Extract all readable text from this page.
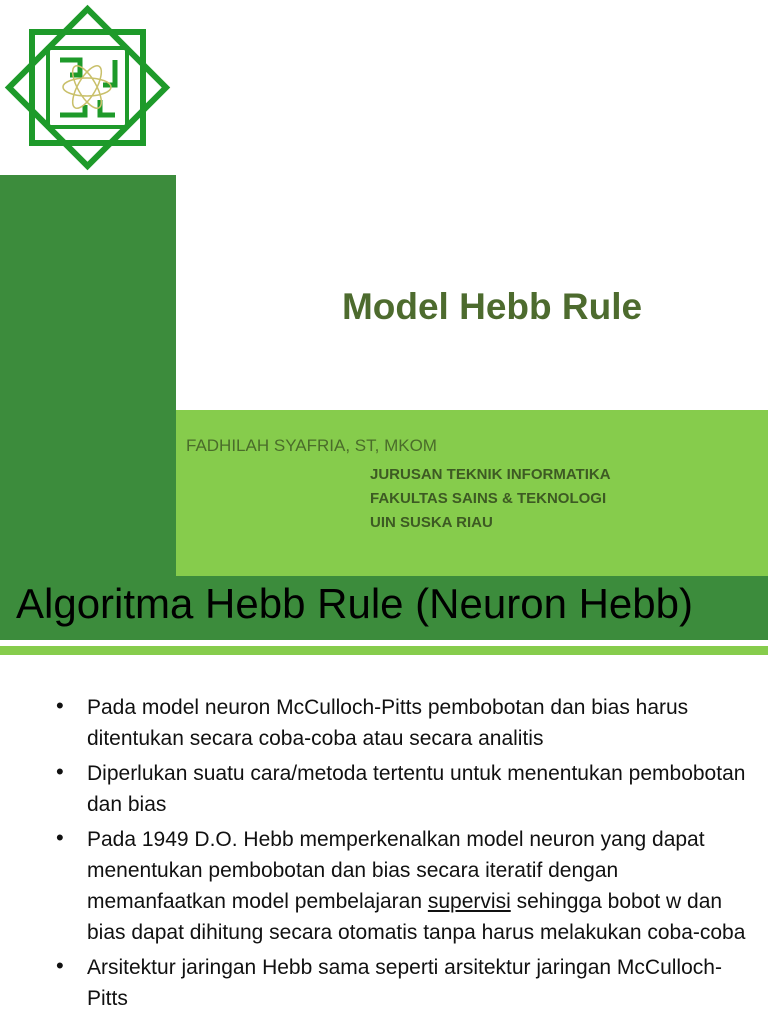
Model Hebb Rule
FADHILAH SYAFRIA, ST, MKOM
JURUSAN TEKNIK INFORMATIKA
FAKULTAS SAINS & TEKNOLOGI
UIN SUSKA RIAU
Algoritma Hebb Rule (Neuron Hebb)
• Pada model neuron McCulloch-Pitts pembobotan dan bias harus ditentukan secara coba-coba atau secara analitis
• Diperlukan suatu cara/metoda tertentu untuk menentukan pembobotan dan bias
• Pada 1949 D.O. Hebb memperkenalkan model neuron yang dapat menentukan pembobotan dan bias secara iteratif dengan memanfaatkan model pembelajaran supervisi sehingga bobot w dan bias dapat dihitung secara otomatis tanpa harus melakukan coba-coba
• Arsitektur jaringan Hebb sama seperti arsitektur jaringan McCulloch-Pitts
